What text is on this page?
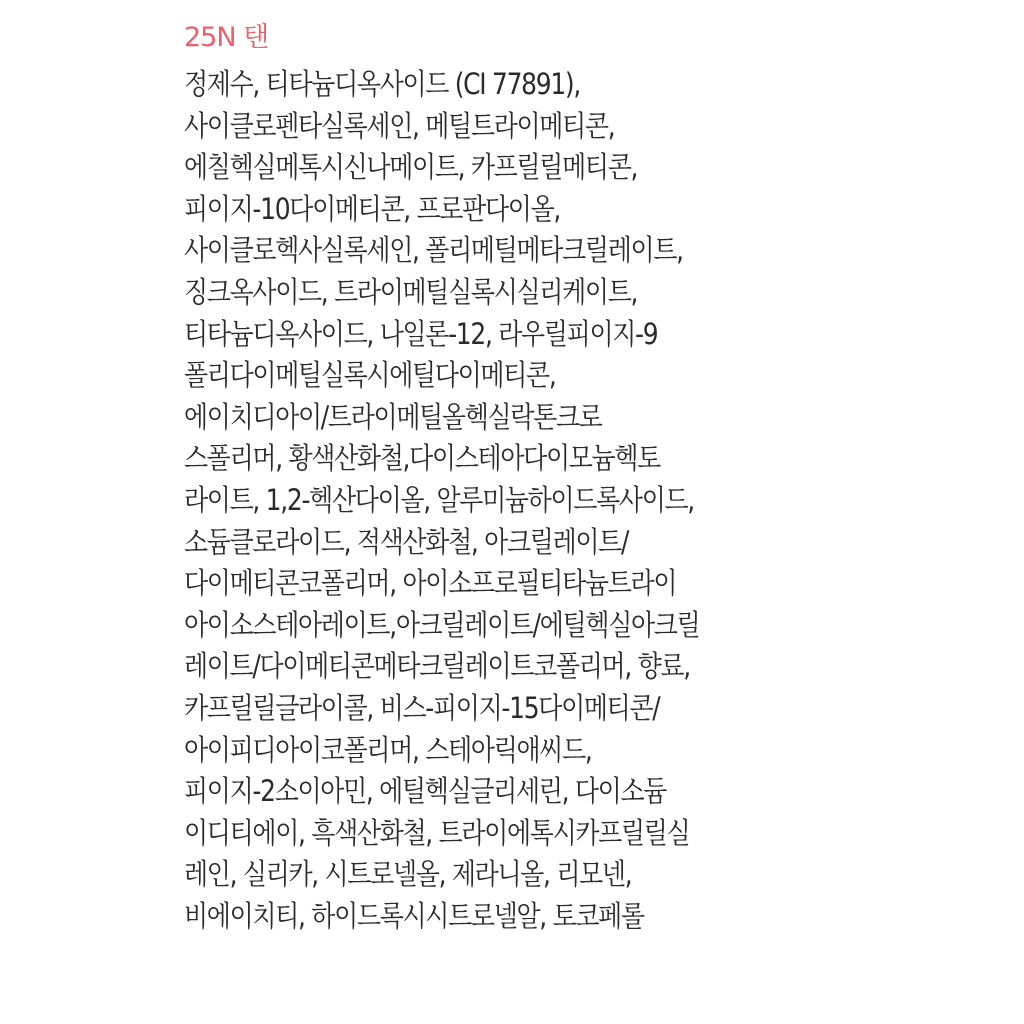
25N 탠
정제수, 티타늄디옥사이드 (CI 77891),
사이클로펜타실록세인, 메틸트라이메티콘,
에칠헥실메톡시신나메이트, 카프릴릴메티콘,
피이지-10다이메티콘, 프로판다이올,
사이클로헥사실록세인, 폴리메틸메타크릴레이트,
징크옥사이드, 트라이메틸실록시실리케이트,
티타늄디옥사이드, 나일론-12, 라우릴피이지-9
폴리다이메틸실록시에틸다이메티콘,
에이치디아이/트라이메틸올헥실락톤크로
스폴리머, 황색산화철,다이스테아다이모늄헥토
라이트, 1,2-헥산다이올, 알루미늄하이드록사이드,
소듐클로라이드, 적색산화철, 아크릴레이트/
다이메티콘코폴리머, 아이소프로필티타늄트라이
아이소스테아레이트,아크릴레이트/에틸헥실아크릴
레이트/다이메티콘메타크릴레이트코폴리머, 향료,
카프릴릴글라이콜, 비스-피이지-15다이메티콘/
아이피디아이코폴리머, 스테아릭애씨드,
피이지-2소이아민, 에틸헥실글리세린, 다이소듐
이디티에이, 흑색산화철, 트라이에톡시카프릴릴실
레인, 실리카, 시트로넬올, 제라니올, 리모넨,
비에이치티, 하이드록시시트로넬알, 토코페롤
